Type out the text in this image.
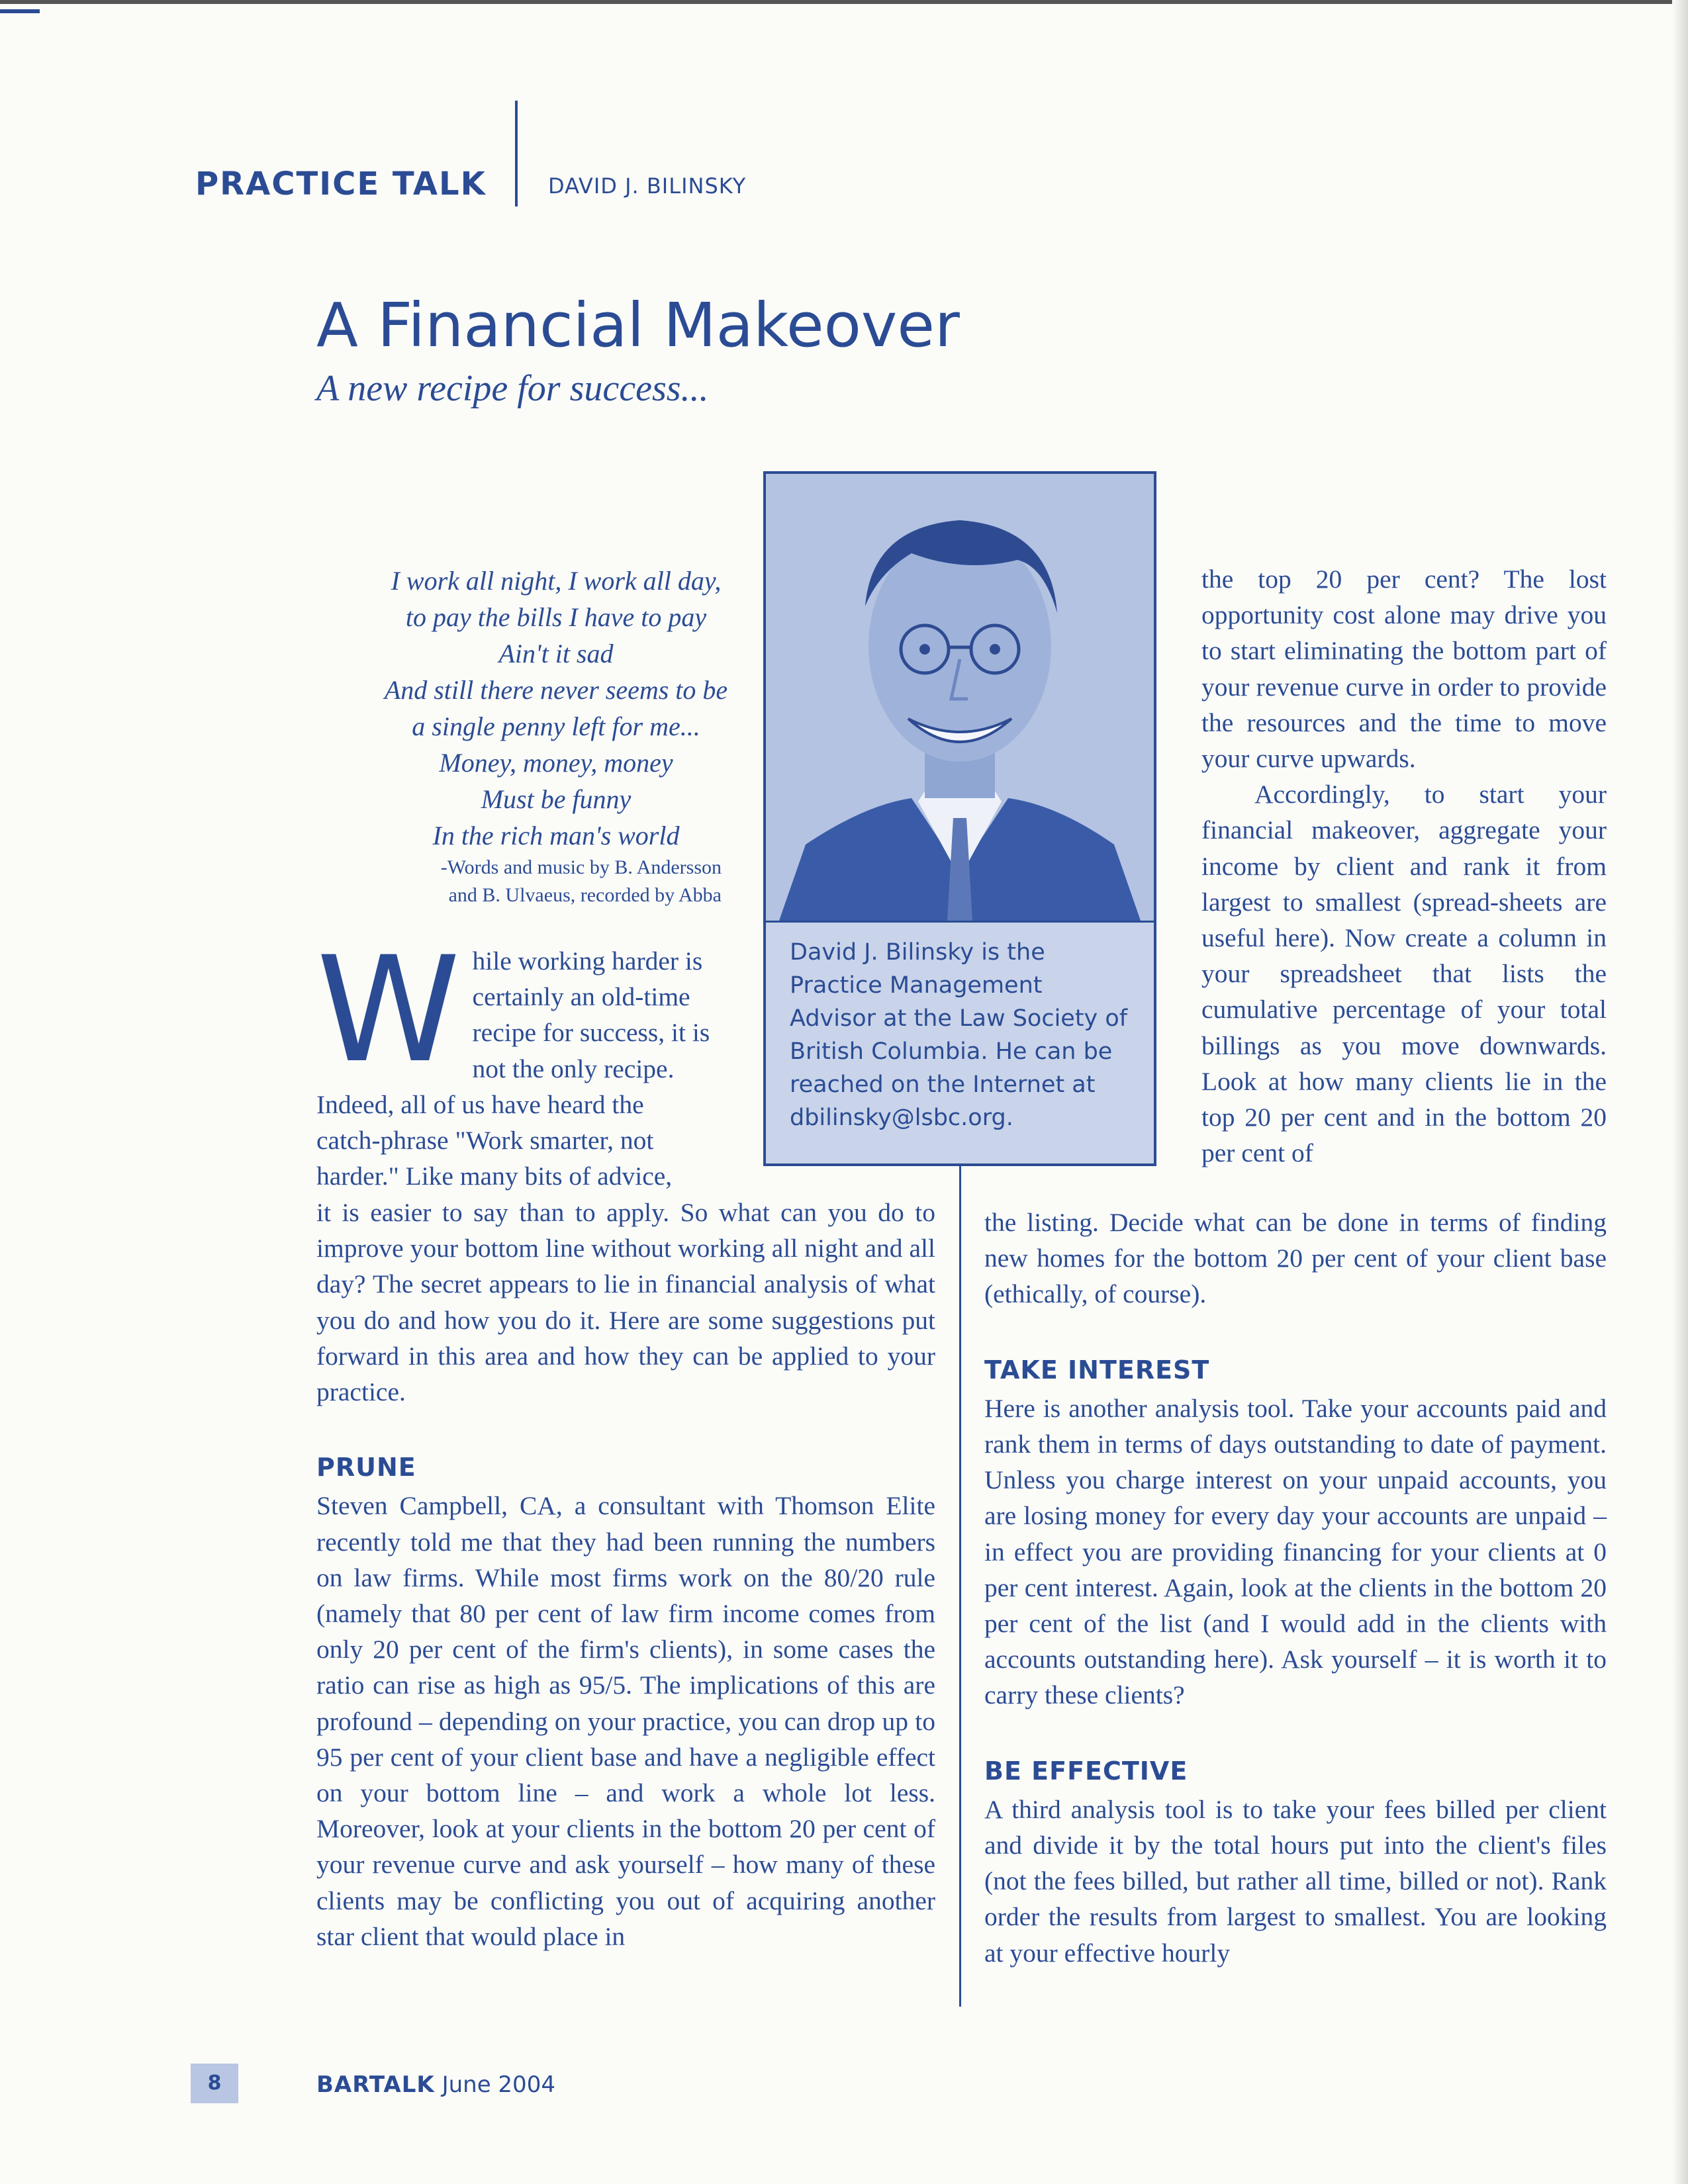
PRACTICE TALK	DAVID J. BILINSKY
A Financial Makeover
A new recipe for success...
I work all night, I work all day,
to pay the bills I have to pay
Ain't it sad
And still there never seems to be
a single penny left for me...
Money, money, money
Must be funny
In the rich man's world
-Words and music by B. Andersson
and B. Ulvaeus, recorded by Abba
David J. Bilinsky is the Practice Management Advisor at the Law Society of British Columbia. He can be reached on the Internet at dbilinsky@lsbc.org.
W hile working harder is
certainly an old-time
recipe for success, it is
not the only recipe.
Indeed, all of us have heard the
catch-phrase "Work smarter, not
harder." Like many bits of advice,

it is easier to say than to apply. So what can you do to improve your bottom line without working all night and all day? The secret appears to lie in financial analysis of what you do and how you do it. Here are some suggestions put forward in this area and how they can be applied to your practice.

PRUNE

Steven Campbell, CA, a consultant with Thomson Elite recently told me that they had been running the numbers on law firms. While most firms work on the 80/20 rule (namely that 80 per cent of law firm income comes from only 20 per cent of the firm's clients), in some cases the ratio can rise as high as 95/5. The implications of this are profound – depending on your practice, you can drop up to 95 per cent of your client base and have a negligible effect on your bottom line – and work a whole lot less. Moreover, look at your clients in the bottom 20 per cent of your revenue curve and ask yourself – how many of these clients may be conflicting you out of acquiring another star client that would place in

the top 20 per cent? The lost opportunity cost alone may drive you to start eliminating the bottom part of your revenue curve in order to provide the resources and the time to move your curve upwards.

Accordingly, to start your financial makeover, aggregate your income by client and rank it from largest to smallest (spread-sheets are useful here). Now create a column in your spreadsheet that lists the cumulative percentage of your total billings as you move downwards. Look at how many clients lie in the top 20 per cent and in the bottom 20 per cent of

the listing. Decide what can be done in terms of finding new homes for the bottom 20 per cent of your client base (ethically, of course).

TAKE INTEREST

Here is another analysis tool. Take your accounts paid and rank them in terms of days outstanding to date of payment. Unless you charge interest on your unpaid accounts, you are losing money for every day your accounts are unpaid – in effect you are providing financing for your clients at 0 per cent interest. Again, look at the clients in the bottom 20 per cent of the list (and I would add in the clients with accounts outstanding here). Ask yourself – it is worth it to carry these clients?

BE EFFECTIVE

A third analysis tool is to take your fees billed per client and divide it by the total hours put into the client's files (not the fees billed, but rather all time, billed or not). Rank order the results from largest to smallest. You are looking at your effective hourly

8	BARTALK June 2004
